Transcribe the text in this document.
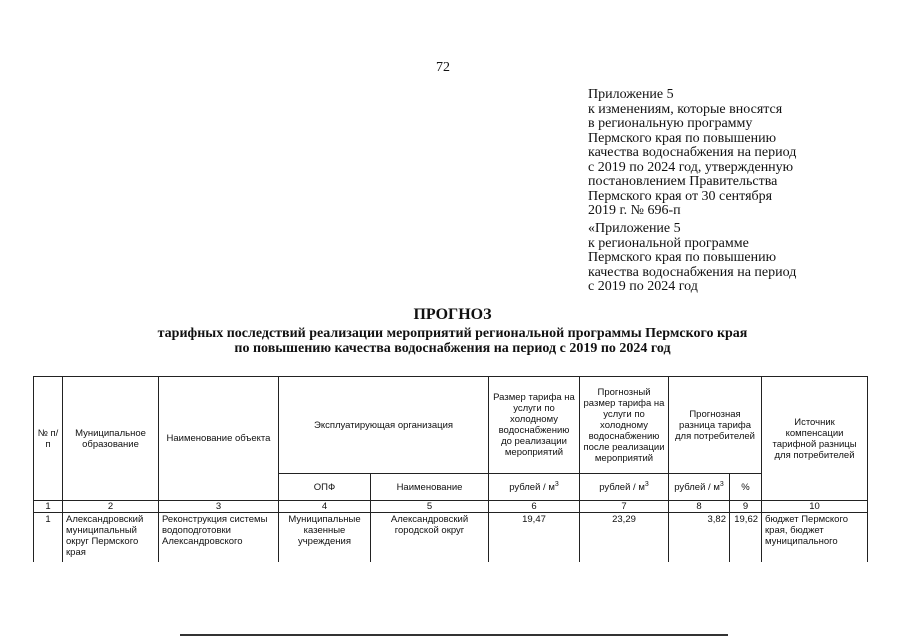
72
Приложение 5
к изменениям, которые вносятся
в региональную программу
Пермского края по повышению
качества водоснабжения на период
с 2019 по 2024 год, утвержденную
постановлением Правительства
Пермского края от 30 сентября
2019 г. № 696-п
«Приложение 5
к региональной программе
Пермского края по повышению
качества водоснабжения на период
с 2019 по 2024 год
ПРОГНОЗ
тарифных последствий реализации мероприятий региональной программы Пермского края
по повышению качества водоснабжения на период с 2019 по 2024 год
№ п/п	Муниципальное образование	Наименование объекта	Эксплуатирующая организация		Размер тарифа на услуги по холодному водоснабжению до реализации мероприятий	Прогнозный размер тарифа на услуги по холодному водоснабжению после реализации мероприятий	Прогнозная разница тарифа для потребителей		Источник компенсации тарифной разницы для потребителей
			ОПФ	Наименование	рублей / $м^3$	рублей / $м^3$	рублей / $м^3$	%	
1	2	3	4	5	6	7	8	9	10
1	Александровский муниципальный округ Пермского края	Реконструкция системы водоподготовки Александровского	Муниципальные казенные учреждения	Александровский городской округ	19,47	23,29	3,82	19,62	бюджет Пермского края, бюджет муниципального
